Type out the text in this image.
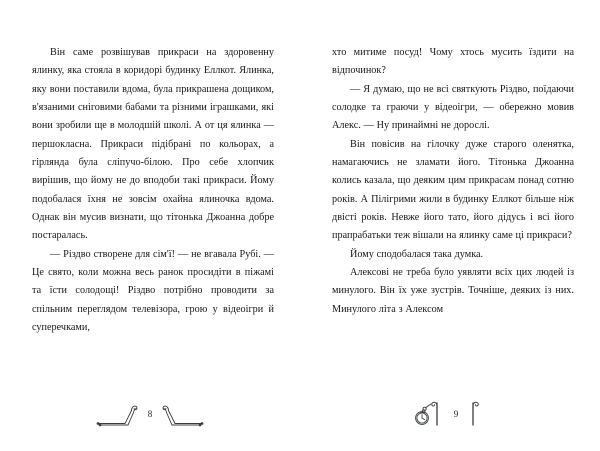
Він саме розвішував прикраси на здоровенну ялинку, яка стояла в коридорі будинку Еллкот. Ялинка, яку вони поставили вдома, була прикрашена дощиком, в'язаними сніговими бабами та різними іграшками, які вони зробили ще в молодшій школі. А от ця ялинка — першокласна. Прикраси підібрані по кольорах, а гірлянда була сліпучо-білою. Про себе хлопчик вирішив, що йому не до вподоби такі прикраси. Йому подобалася їхня не зовсім охайна ялиночка вдома. Однак він мусив визнати, що тітонька Джоанна добре постаралась.

— Різдво створене для сім'ї! — не вгавала Рубі. — Це свято, коли можна весь ранок просидіти в піжамі та їсти солодощі! Різдво потрібно проводити за спільним переглядом телевізора, грою у відеоігри й суперечками,

8

хто митиме посуд! Чому хтось мусить їздити на відпочинок?

— Я думаю, що не всі святкують Різдво, поїдаючи солодке та граючи у відеоігри, — обережно мовив Алекс. — Ну принаймні не дорослі.

Він повісив на гілочку дуже старого оленятка, намагаючись не зламати його. Тітонька Джоанна колись казала, що деяким цим прикрасам понад сотню років. А Пілігрими жили в будинку Еллкот більше ніж двісті років. Невже його тато, його дідусь і всі його прапрабатьки теж вішали на ялинку саме ці прикраси?

Йому сподобалася така думка.

Алексові не треба було уявляти всіх цих людей із минулого. Він їх уже зустрів. Точніше, деяких із них. Минулого літа з Алексом

9
